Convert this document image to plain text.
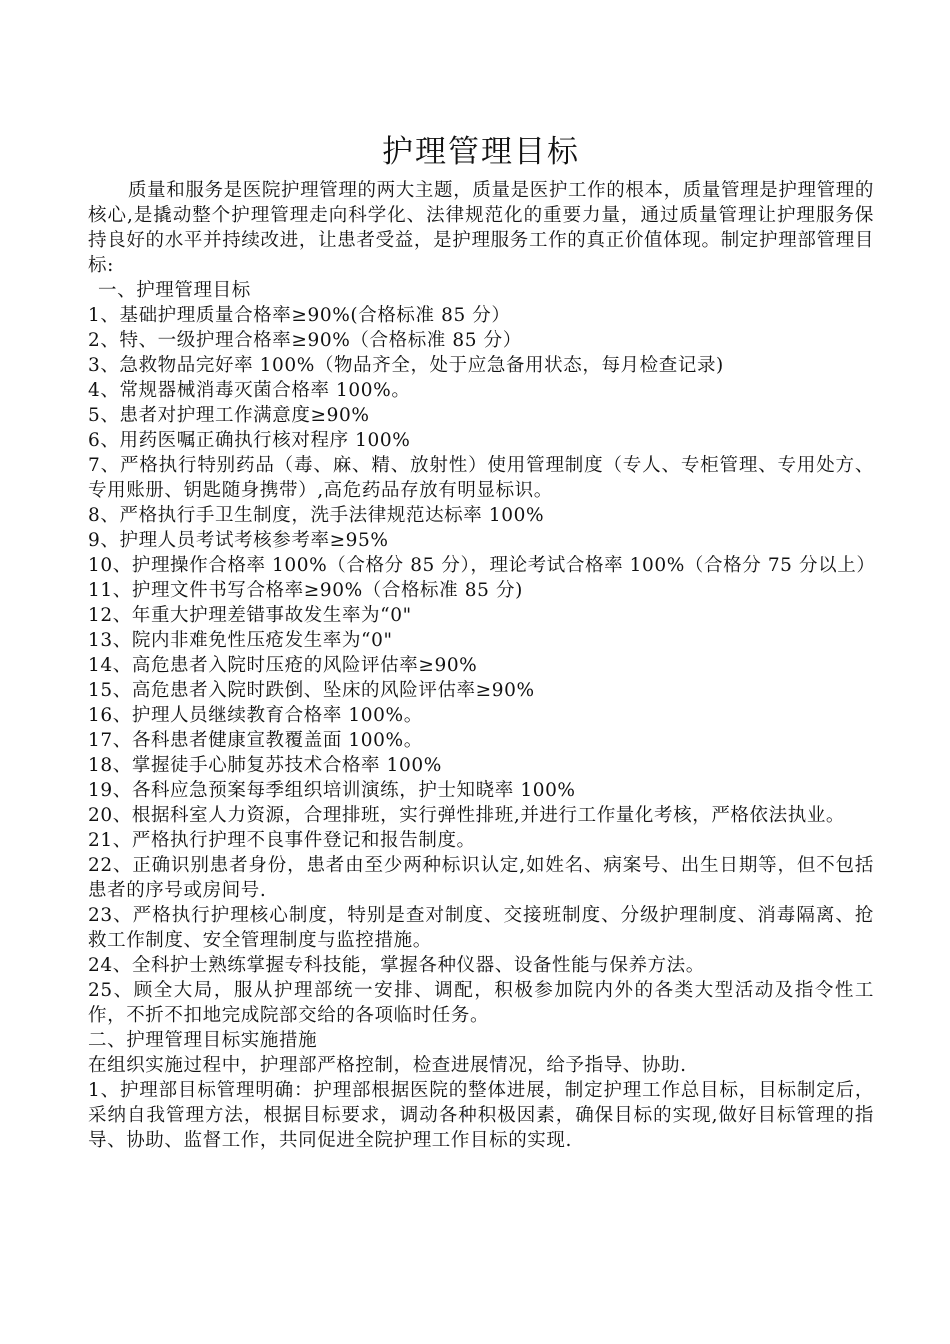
护理管理目标

质量和服务是医院护理管理的两大主题，质量是医护工作的根本，质量管理是护理管理的核心,是撬动整个护理管理走向科学化、法律规范化的重要力量，通过质量管理让护理服务保持良好的水平并持续改进，让患者受益，是护理服务工作的真正价值体现。制定护理部管理目标:

一、护理管理目标

1、基础护理质量合格率≥90%(合格标准 85 分）
2、特、一级护理合格率≥90%（合格标准 85 分）
3、急救物品完好率 100%（物品齐全，处于应急备用状态，每月检查记录)
4、常规器械消毒灭菌合格率 100%。
5、患者对护理工作满意度≥90%
6、用药医嘱正确执行核对程序 100%
7、严格执行特别药品（毒、麻、精、放射性）使用管理制度（专人、专柜管理、专用处方、专用账册、钥匙随身携带）,高危药品存放有明显标识。
8、严格执行手卫生制度，洗手法律规范达标率 100%
9、护理人员考试考核参考率≥95%
10、护理操作合格率 100%（合格分 85 分），理论考试合格率 100%（合格分 75 分以上）
11、护理文件书写合格率≥90%（合格标准 85 分)
12、年重大护理差错事故发生率为“0"
13、院内非难免性压疮发生率为“0"
14、高危患者入院时压疮的风险评估率≥90%
15、高危患者入院时跌倒、坠床的风险评估率≥90%
16、护理人员继续教育合格率 100%。
17、各科患者健康宣教覆盖面 100%。
18、掌握徒手心肺复苏技术合格率 100%
19、各科应急预案每季组织培训演练，护士知晓率 100%
20、根据科室人力资源，合理排班，实行弹性排班,并进行工作量化考核，严格依法执业。
21、严格执行护理不良事件登记和报告制度。
22、正确识别患者身份，患者由至少两种标识认定,如姓名、病案号、出生日期等，但不包括患者的序号或房间号.
23、严格执行护理核心制度，特别是查对制度、交接班制度、分级护理制度、消毒隔离、抢救工作制度、安全管理制度与监控措施。
24、全科护士熟练掌握专科技能，掌握各种仪器、设备性能与保养方法。
25、顾全大局，服从护理部统一安排、调配，积极参加院内外的各类大型活动及指令性工作，不折不扣地完成院部交给的各项临时任务。

二、护理管理目标实施措施

在组织实施过程中，护理部严格控制，检查进展情况，给予指导、协助.

1、护理部目标管理明确：护理部根据医院的整体进展，制定护理工作总目标，目标制定后，采纳自我管理方法，根据目标要求，调动各种积极因素，确保目标的实现,做好目标管理的指导、协助、监督工作，共同促进全院护理工作目标的实现.
